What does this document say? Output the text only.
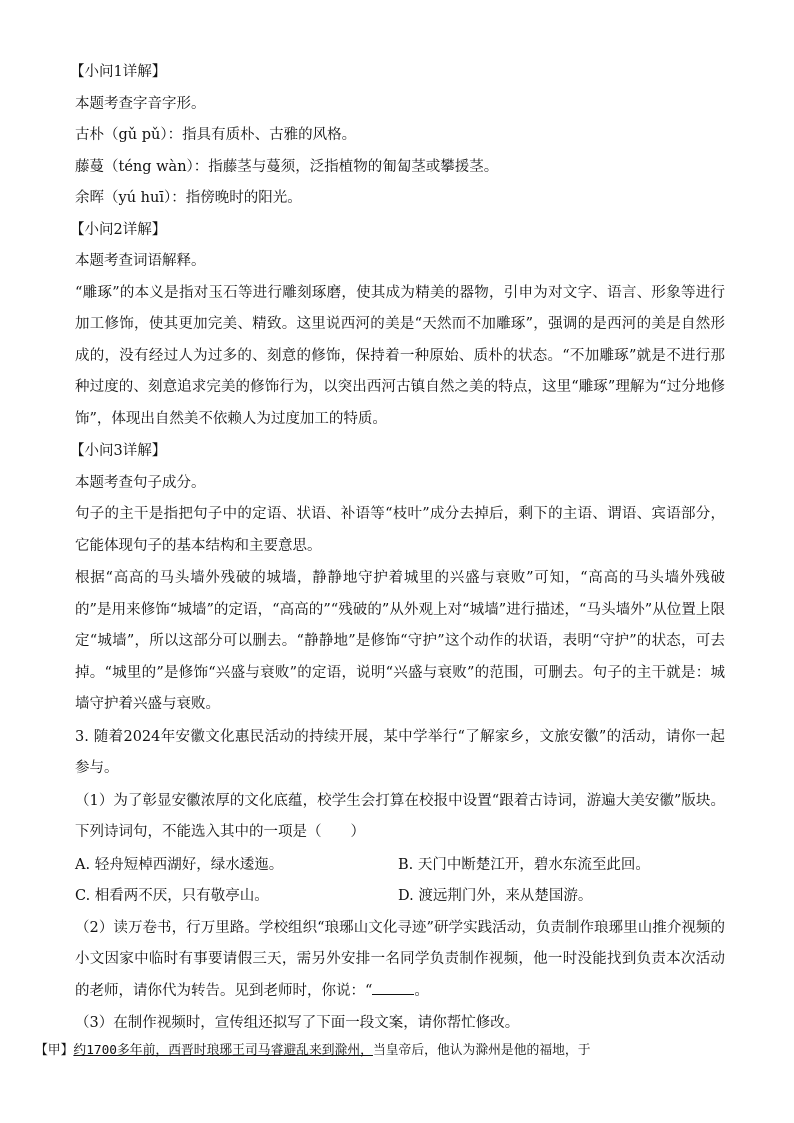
【小问1详解】

本题考查字音字形。

古朴（gǔ pǔ）：指具有质朴、古雅的风格。

藤蔓（téng wàn）：指藤茎与蔓须，泛指植物的匍匐茎或攀援茎。

余晖（yú huī）：指傍晚时的阳光。

【小问2详解】

本题考查词语解释。

“雕琢”的本义是指对玉石等进行雕刻琢磨，使其成为精美的器物，引申为对文字、语言、形象等进行加工修饰，使其更加完美、精致。这里说西河的美是“天然而不加雕琢”，强调的是西河的美是自然形成的，没有经过人为过多的、刻意的修饰，保持着一种原始、质朴的状态。“不加雕琢”就是不进行那种过度的、刻意追求完美的修饰行为，以突出西河古镇自然之美的特点，这里“雕琢”理解为“过分地修饰”，体现出自然美不依赖人为过度加工的特质。

【小问3详解】

本题考查句子成分。

句子的主干是指把句子中的定语、状语、补语等“枝叶”成分去掉后，剩下的主语、谓语、宾语部分，它能体现句子的基本结构和主要意思。

根据“高高的马头墙外残破的城墙，静静地守护着城里的兴盛与衰败”可知，“高高的马头墙外残破的”是用来修饰“城墙”的定语，“高高的”“残破的”从外观上对“城墙”进行描述，“马头墙外”从位置上限定“城墙”，所以这部分可以删去。“静静地”是修饰“守护”这个动作的状语，表明“守护”的状态，可去掉。“城里的”是修饰“兴盛与衰败”的定语，说明“兴盛与衰败”的范围，可删去。句子的主干就是：城墙守护着兴盛与衰败。

3. 随着2024年安徽文化惠民活动的持续开展，某中学举行“了解家乡，文旅安徽”的活动，请你一起参与。

（1）为了彰显安徽浓厚的文化底蕴，校学生会打算在校报中设置“跟着古诗词，游遍大美安徽”版块。下列诗词句，不能选入其中的一项是（　　）

A. 轻舟短棹西湖好，绿水逶迤。	B. 天门中断楚江开，碧水东流至此回。
C. 相看两不厌，只有敬亭山。	D. 渡远荆门外，来从楚国游。

（2）读万卷书，行万里路。学校组织“琅琊山文化寻迹”研学实践活动，负责制作琅琊里山推介视频的小文因家中临时有事要请假三天，需另外安排一名同学负责制作视频，他一时没能找到负责本次活动的老师，请你代为转告。见到老师时，你说：“	。

（3）在制作视频时，宣传组还拟写了下面一段文案，请你帮忙修改。

【甲】约1700多年前，西晋时琅琊王司马睿避乱来到滁州，当皇帝后，他认为滁州是他的福地，于
